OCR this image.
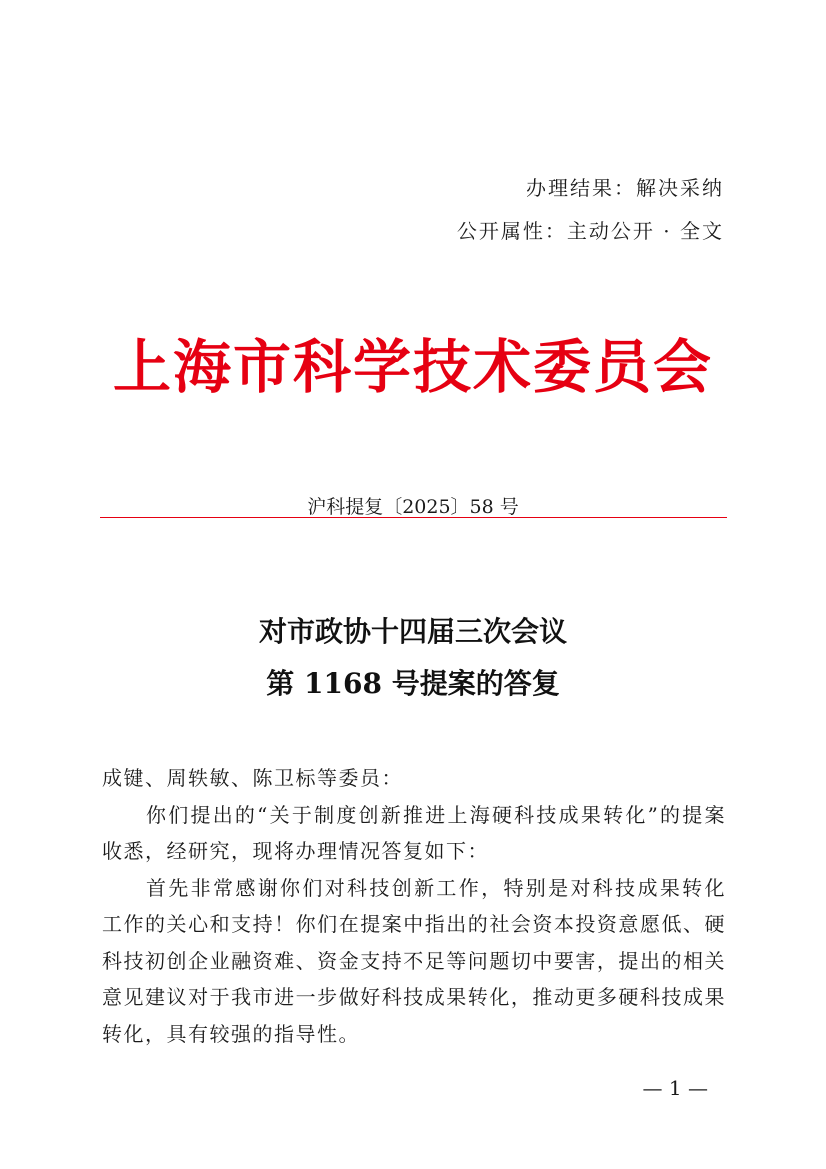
办理结果：解决采纳
公开属性：主动公开 · 全文
上海市科学技术委员会
沪科提复〔2025〕58 号
对市政协十四届三次会议
第 1168 号提案的答复

成键、周轶敏、陈卫标等委员：

你们提出的“关于制度创新推进上海硬科技成果转化”的提案收悉，经研究，现将办理情况答复如下：

首先非常感谢你们对科技创新工作，特别是对科技成果转化工作的关心和支持！你们在提案中指出的社会资本投资意愿低、硬科技初创企业融资难、资金支持不足等问题切中要害，提出的相关意见建议对于我市进一步做好科技成果转化，推动更多硬科技成果转化，具有较强的指导性。

— 1 —
